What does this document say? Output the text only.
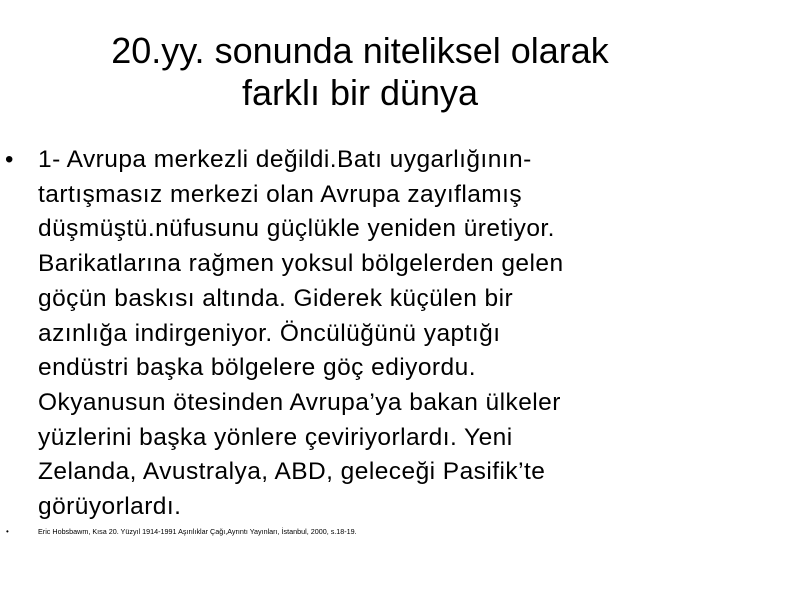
20.yy. sonunda niteliksel olarak
farklı bir dünya
• 1- Avrupa merkezli değildi.Batı uygarlığının-
tartışmasız merkezi olan Avrupa zayıflamış
düşmüştü.nüfusunu güçlükle yeniden üretiyor.
Barikatlarına rağmen yoksul bölgelerden gelen
göçün baskısı altında. Giderek küçülen bir
azınlığa indirgeniyor. Öncülüğünü yaptığı
endüstri başka bölgelere göç ediyordu.
Okyanusun ötesinden Avrupa’ya bakan ülkeler
yüzlerini başka yönlere çeviriyorlardı. Yeni
Zelanda, Avustralya, ABD, geleceği Pasifik’te
görüyorlardı.
•	Eric Hobsbawm, Kısa 20. Yüzyıl 1914-1991 Aşırılıklar Çağı,Ayrıntı Yayınları, İstanbul, 2000, s.18-19.
